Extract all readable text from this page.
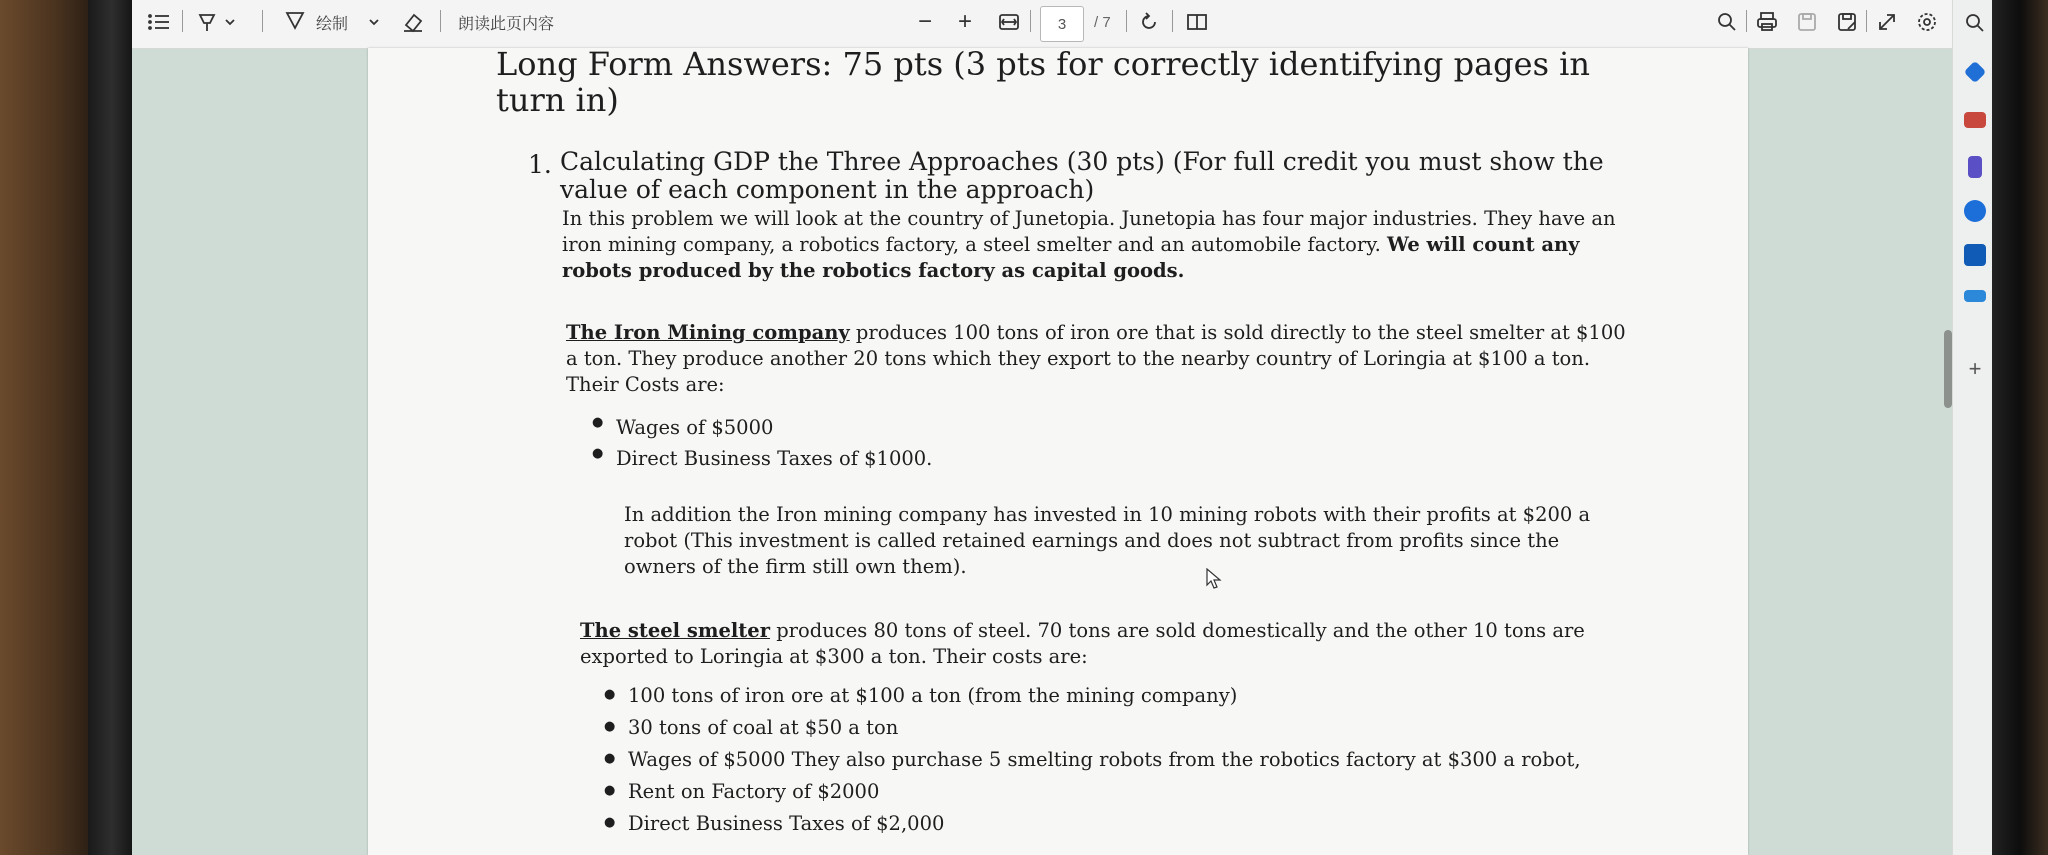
绘制	朗读此页内容	− +	3	/ 7
Long Form Answers: 75 pts (3 pts for correctly identifying pages in turn in)
1. Calculating GDP the Three Approaches (30 pts) (For full credit you must show the value of each component in the approach)
In this problem we will look at the country of Junetopia. Junetopia has four major industries. They have an iron mining company, a robotics factory, a steel smelter and an automobile factory. We will count any robots produced by the robotics factory as capital goods.
The Iron Mining company produces 100 tons of iron ore that is sold directly to the steel smelter at $100 a ton. They produce another 20 tons which they export to the nearby country of Loringia at $100 a ton. Their Costs are:
● Wages of $5000
● Direct Business Taxes of $1000.
In addition the Iron mining company has invested in 10 mining robots with their profits at $200 a robot (This investment is called retained earnings and does not subtract from profits since the owners of the firm still own them).
The steel smelter produces 80 tons of steel. 70 tons are sold domestically and the other 10 tons are exported to Loringia at $300 a ton. Their costs are:
● 100 tons of iron ore at $100 a ton (from the mining company)
● 30 tons of coal at $50 a ton
● Wages of $5000 They also purchase 5 smelting robots from the robotics factory at $300 a robot,
● Rent on Factory of $2000
● Direct Business Taxes of $2,000
+
